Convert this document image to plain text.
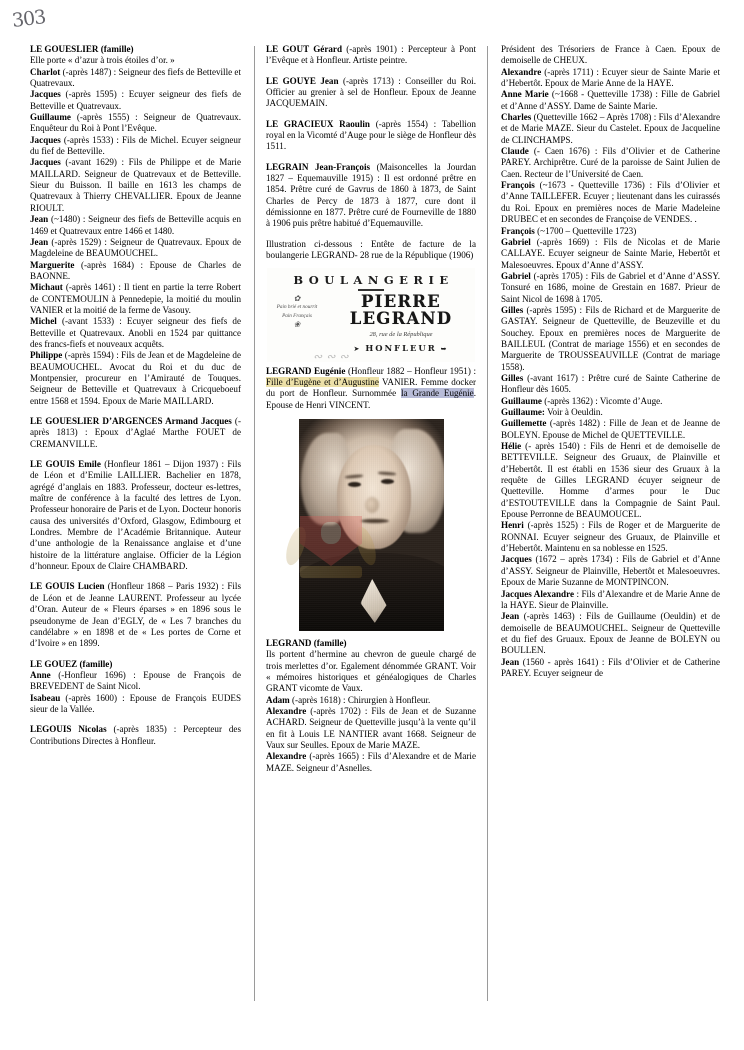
303

LE GOUESLIER (famille)

Elle porte « d’azur à trois étoiles d’or. »

Charlot (-après 1487) : Seigneur des fiefs de Betteville et Quatrevaux.

Jacques (-après 1595) : Ecuyer seigneur des fiefs de Betteville et Quatrevaux.

Guillaume (-après 1555) : Seigneur de Quatrevaux. Enquêteur du Roi à Pont l’Evêque.

Jacques (-après 1533) : Fils de Michel. Ecuyer seigneur du fief de Betteville.

Jacques (-avant 1629) : Fils de Philippe et de Marie MAILLARD. Seigneur de Quatrevaux et de Betteville. Sieur du Buisson. Il baille en 1613 les champs de Quatrevaux à Thierry CHEVALLIER. Epoux de Jeanne RIOULT.

Jean (~1480) : Seigneur des fiefs de Betteville acquis en 1469 et Quatrevaux entre 1466 et 1480.

Jean (-après 1529) : Seigneur de Quatrevaux. Epoux de Magdeleine de BEAUMOUCHEL.

Marguerite (-après 1684) : Epouse de Charles de BAONNE.

Michaut (-après 1461) : Il tient en partie la terre Robert de CONTEMOULIN à Pennedepie, la moitié du moulin VANIER et la moitié de la ferme de Vasouy.

Michel (-avant 1533) : Ecuyer seigneur des fiefs de Betteville et Quatrevaux. Anobli en 1524 par quittance des francs-fiefs et nouveaux acquêts.

Philippe (-après 1594) : Fils de Jean et de Magdeleine de BEAUMOUCHEL. Avocat du Roi et du duc de Montpensier, procureur en l’Amirauté de Touques. Seigneur de Betteville et Quatrevaux à Cricqueboeuf entre 1568 et 1594. Epoux de Marie MAILLARD.

LE GOUESLIER D’ARGENCES Armand Jacques (-après 1813) : Epoux d’Aglaé Marthe FOUET de CREMANVILLE.

LE GOUIS Emile (Honfleur 1861 – Dijon 1937) : Fils de Léon et d’Emilie LAILLIER. Bachelier en 1878, agrégé d’anglais en 1883. Professeur, docteur es-lettres, maître de conférence à la faculté des lettres de Lyon. Professeur honoraire de Paris et de Lyon. Docteur honoris causa des universités d’Oxford, Glasgow, Edimbourg et Londres. Membre de l’Académie Britannique. Auteur d’une anthologie de la Renaissance anglaise et d’une histoire de la littérature anglaise. Officier de la Légion d’honneur. Epoux de Claire CHAMBARD.

LE GOUIS Lucien (Honfleur 1868 – Paris 1932) : Fils de Léon et de Jeanne LAURENT. Professeur au lycée d’Oran. Auteur de « Fleurs éparses » en 1896 sous le pseudonyme de Jean d’EGLY, de « Les 7 branches du candélabre » en 1898 et de « Les portes de Corne et d’Ivoire » en 1899.

LE GOUEZ (famille)

Anne (-Honfleur 1696) : Epouse de François de BREVEDENT de Saint Nicol.

Isabeau (-après 1600) : Epouse de François EUDES sieur de la Vallée.

LEGOUIS Nicolas (-après 1835) : Percepteur des Contributions Directes à Honfleur.

LE GOUT Gérard (-après 1901) : Percepteur à Pont l’Evêque et à Honfleur. Artiste peintre.

LE GOUYE Jean (-après 1713) : Conseiller du Roi. Officier au grenier à sel de Honfleur. Epoux de Jeanne JACQUEMAIN.

LE GRACIEUX Raoulin (-après 1554) : Tabellion royal en la Vicomté d’Auge pour le siège de Honfleur dès 1511.

LEGRAIN Jean-François (Maisoncelles la Jourdan 1827 – Equemauville 1915) : Il est ordonné prêtre en 1854. Prêtre curé de Gavrus de 1860 à 1873, de Saint Charles de Percy de 1873 à 1877, cure dont il démissionne en 1877. Prêtre curé de Fourneville de 1880 à 1906 puis prêtre habitué d’Equemauville.

Illustration ci-dessous : Entête de facture de la boulangerie LEGRAND- 28 rue de la République (1906)

BOULANGERIE
✿
Pain brié et nourrit
Pain Français
❀
PIERRE LEGRAND
28, rue de la République
➤ HONFLEUR ➥
∾∾∾

LEGRAND Eugénie (Honfleur 1882 – Honfleur 1951) : Fille d’Eugène et d’Augustine VANIER. Femme docker du port de Honfleur. Surnommée la Grande Eugénie. Epouse de Henri VINCENT.

LEGRAND (famille)

Ils portent d’hermine au chevron de gueule chargé de trois merlettes d’or. Egalement dénommée GRANT. Voir « mémoires historiques et généalogiques de Charles GRANT vicomte de Vaux.

Adam (-après 1618) : Chirurgien à Honfleur.

Alexandre (-après 1702) : Fils de Jean et de Suzanne ACHARD. Seigneur de Quetteville jusqu’à la vente qu’il en fit à Louis LE NANTIER avant 1668. Seigneur de Vaux sur Seulles. Epoux de Marie MAZE.

Alexandre (-après 1665) : Fils d’Alexandre et de Marie MAZE. Seigneur d’Asnelles.

Président des Trésoriers de France à Caen. Epoux de demoiselle de CHEUX.

Alexandre (-après 1711) : Ecuyer sieur de Sainte Marie et d’Hebertôt. Epoux de Marie Anne de la HAYE.

Anne Marie (~1668 - Quetteville 1738) : Fille de Gabriel et d’Anne d’ASSY. Dame de Sainte Marie.

Charles (Quetteville 1662 – Après 1708) : Fils d’Alexandre et de Marie MAZE. Sieur du Castelet. Epoux de Jacqueline de CLINCHAMPS.

Claude (- Caen 1676) : Fils d’Olivier et de Catherine PAREY. Archiprêtre. Curé de la paroisse de Saint Julien de Caen. Recteur de l’Université de Caen.

François (~1673 - Quetteville 1736) : Fils d’Olivier et d’Anne TAILLEFER. Ecuyer ; lieutenant dans les cuirassés du Roi. Epoux en premières noces de Marie Madeleine DRUBEC et en secondes de Françoise de VENDES. .

François (~1700 – Quetteville 1723)

Gabriel (-après 1669) : Fils de Nicolas et de Marie CALLAYE. Ecuyer seigneur de Sainte Marie, Hebertôt et Malesoeuvres. Epoux d’Anne d’ASSY.

Gabriel (-après 1705) : Fils de Gabriel et d’Anne d’ASSY. Tonsuré en 1686, moine de Grestain en 1687. Prieur de Saint Nicol de 1698 à 1705.

Gilles (-après 1595) : Fils de Richard et de Marguerite de GASTAY. Seigneur de Quetteville, de Beuzeville et du Souchey. Epoux en premières noces de Marguerite de BAILLEUL (Contrat de mariage 1556) et en secondes de Marguerite de TROUSSEAUVILLE (Contrat de mariage 1558).

Gilles (-avant 1617) : Prêtre curé de Sainte Catherine de Honfleur dès 1605.

Guillaume (-après 1362) : Vicomte d’Auge.

Guillaume: Voir à Oeuldin.

Guillemette (-après 1482) : Fille de Jean et de Jeanne de BOLEYN. Epouse de Michel de QUETTEVILLE.

Hélie (- après 1540) : Fils de Henri et de demoiselle de BETTEVILLE. Seigneur des Gruaux, de Plainville et d’Hebertôt. Il est établi en 1536 sieur des Gruaux à la requête de Gilles LEGRAND écuyer seigneur de Quetteville. Homme d’armes pour le Duc d’ESTOUTEVILLE dans la Compagnie de Saint Paul. Epouse Perronne de BEAUMOUCEL.

Henri (-après 1525) : Fils de Roger et de Marguerite de RONNAI. Ecuyer seigneur des Gruaux, de Plainville et d’Hebertôt. Maintenu en sa noblesse en 1525.

Jacques (1672 – après 1734) : Fils de Gabriel et d’Anne d’ASSY. Seigneur de Plainville, Hebertôt et Malesoeuvres. Epoux de Marie Suzanne de MONTPINCON.

Jacques Alexandre : Fils d’Alexandre et de Marie Anne de la HAYE. Sieur de Plainville.

Jean (-après 1463) : Fils de Guillaume (Oeuldin) et de demoiselle de BEAUMOUCHEL. Seigneur de Quetteville et du fief des Gruaux. Epoux de Jeanne de BOLEYN ou BOULLEN.

Jean (1560 - après 1641) : Fils d’Olivier et de Catherine PAREY. Ecuyer seigneur de
